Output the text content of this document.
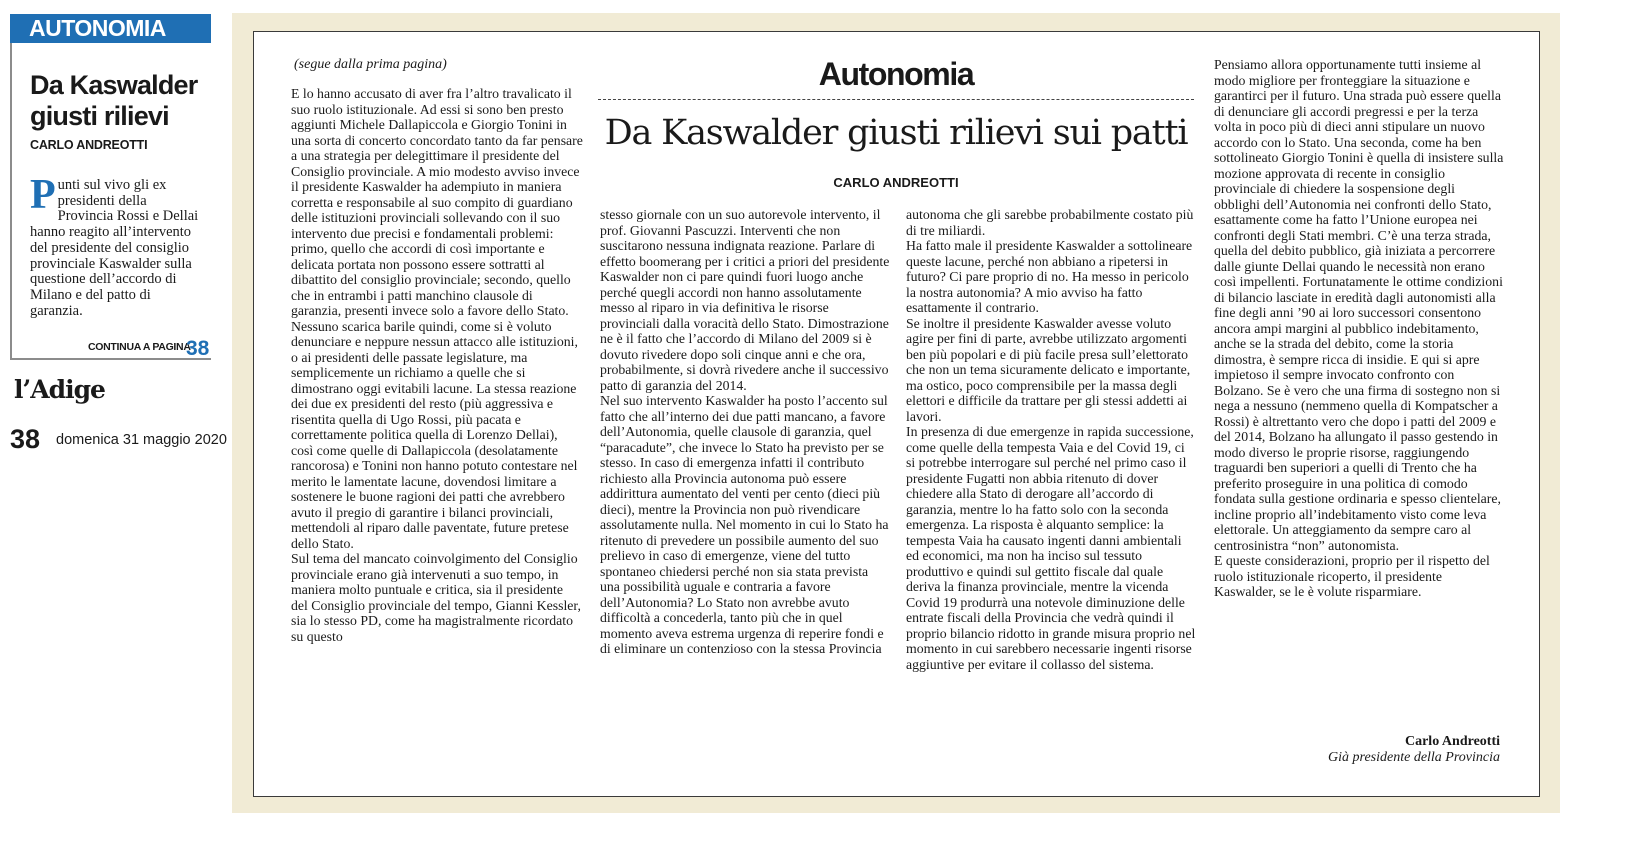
AUTONOMIA
Da Kaswalder giusti rilievi
CARLO ANDREOTTI

Punti sul vivo gli ex presidenti della Provincia Rossi e Dellai hanno reagito all’intervento del presidente del consiglio provinciale Kaswalder sulla questione dell’accordo di Milano e del patto di garanzia.

CONTINUA A PAGINA
38
l’Adige
38 domenica 31 maggio 2020
(segue dalla prima pagina)	Autonomia
Da Kaswalder giusti rilievi sui patti
CARLO ANDREOTTI

E lo hanno accusato di aver fra l’altro travalicato il suo ruolo istituzionale. Ad essi si sono ben presto aggiunti Michele Dallapiccola e Giorgio Tonini in una sorta di concerto concordato tanto da far pensare a una strategia per delegittimare il presidente del Consiglio provinciale. A mio modesto avviso invece il presidente Kaswalder ha adempiuto in maniera corretta e responsabile al suo compito di guardiano delle istituzioni provinciali sollevando con il suo intervento due precisi e fondamentali problemi: primo, quello che accordi di così importante e delicata portata non possono essere sottratti al dibattito del consiglio provinciale; secondo, quello che in entrambi i patti manchino clausole di garanzia, presenti invece solo a favore dello Stato. Nessuno scarica barile quindi, come si è voluto denunciare e neppure nessun attacco alle istituzioni, o ai presidenti delle passate legislature, ma semplicemente un richiamo a quelle che si dimostrano oggi evitabili lacune. La stessa reazione dei due ex presidenti del resto (più aggressiva e risentita quella di Ugo Rossi, più pacata e correttamente politica quella di Lorenzo Dellai), così come quelle di Dallapiccola (desolatamente rancorosa) e Tonini non hanno potuto contestare nel merito le lamentate lacune, dovendosi limitare a sostenere le buone ragioni dei patti che avrebbero avuto il pregio di garantire i bilanci provinciali, mettendoli al riparo dalle paventate, future pretese dello Stato.

Sul tema del mancato coinvolgimento del Consiglio provinciale erano già intervenuti a suo tempo, in maniera molto puntuale e critica, sia il presidente del Consiglio provinciale del tempo, Gianni Kessler, sia lo stesso PD, come ha magistralmente ricordato su questo

stesso giornale con un suo autorevole intervento, il prof. Giovanni Pascuzzi. Interventi che non suscitarono nessuna indignata reazione. Parlare di effetto boomerang per i critici a priori del presidente Kaswalder non ci pare quindi fuori luogo anche perché quegli accordi non hanno assolutamente messo al riparo in via definitiva le risorse provinciali dalla voracità dello Stato. Dimostrazione ne è il fatto che l’accordo di Milano del 2009 si è dovuto rivedere dopo soli cinque anni e che ora, probabilmente, si dovrà rivedere anche il successivo patto di garanzia del 2014.

Nel suo intervento Kaswalder ha posto l’accento sul fatto che all’interno dei due patti mancano, a favore dell’Autonomia, quelle clausole di garanzia, quel “paracadute”, che invece lo Stato ha previsto per se stesso. In caso di emergenza infatti il contributo richiesto alla Provincia autonoma può essere addirittura aumentato del venti per cento (dieci più dieci), mentre la Provincia non può rivendicare assolutamente nulla. Nel momento in cui lo Stato ha ritenuto di prevedere un possibile aumento del suo prelievo in caso di emergenze, viene del tutto spontaneo chiedersi perché non sia stata prevista una possibilità uguale e contraria a favore dell’Autonomia? Lo Stato non avrebbe avuto difficoltà a concederla, tanto più che in quel momento aveva estrema urgenza di reperire fondi e di eliminare un contenzioso con la stessa Provincia

autonoma che gli sarebbe probabilmente costato più di tre miliardi.

Ha fatto male il presidente Kaswalder a sottolineare queste lacune, perché non abbiano a ripetersi in futuro? Ci pare proprio di no. Ha messo in pericolo la nostra autonomia? A mio avviso ha fatto esattamente il contrario.

Se inoltre il presidente Kaswalder avesse voluto agire per fini di parte, avrebbe utilizzato argomenti ben più popolari e di più facile presa sull’elettorato che non un tema sicuramente delicato e importante, ma ostico, poco comprensibile per la massa degli elettori e difficile da trattare per gli stessi addetti ai lavori.

In presenza di due emergenze in rapida successione, come quelle della tempesta Vaia e del Covid 19, ci si potrebbe interrogare sul perché nel primo caso il presidente Fugatti non abbia ritenuto di dover chiedere alla Stato di derogare all’accordo di garanzia, mentre lo ha fatto solo con la seconda emergenza. La risposta è alquanto semplice: la tempesta Vaia ha causato ingenti danni ambientali ed economici, ma non ha inciso sul tessuto produttivo e quindi sul gettito fiscale dal quale deriva la finanza provinciale, mentre la vicenda Covid 19 produrrà una notevole diminuzione delle entrate fiscali della Provincia che vedrà quindi il proprio bilancio ridotto in grande misura proprio nel momento in cui sarebbero necessarie ingenti risorse aggiuntive per evitare il collasso del sistema.

Pensiamo allora opportunamente tutti insieme al modo migliore per fronteggiare la situazione e garantirci per il futuro. Una strada può essere quella di denunciare gli accordi pregressi e per la terza volta in poco più di dieci anni stipulare un nuovo accordo con lo Stato. Una seconda, come ha ben sottolineato Giorgio Tonini è quella di insistere sulla mozione approvata di recente in consiglio provinciale di chiedere la sospensione degli obblighi dell’Autonomia nei confronti dello Stato, esattamente come ha fatto l’Unione europea nei confronti degli Stati membri. C’è una terza strada, quella del debito pubblico, già iniziata a percorrere dalle giunte Dellai quando le necessità non erano così impellenti. Fortunatamente le ottime condizioni di bilancio lasciate in eredità dagli autonomisti alla fine degli anni ’90 ai loro successori consentono ancora ampi margini al pubblico indebitamento, anche se la strada del debito, come la storia dimostra, è sempre ricca di insidie. E qui si apre impietoso il sempre invocato confronto con Bolzano. Se è vero che una firma di sostegno non si nega a nessuno (nemmeno quella di Kompatscher a Rossi) è altrettanto vero che dopo i patti del 2009 e del 2014, Bolzano ha allungato il passo gestendo in modo diverso le proprie risorse, raggiungendo traguardi ben superiori a quelli di Trento che ha preferito proseguire in una politica di comodo fondata sulla gestione ordinaria e spesso clientelare, incline proprio all’indebitamento visto come leva elettorale. Un atteggiamento da sempre caro al centrosinistra “non” autonomista.

E queste considerazioni, proprio per il rispetto del ruolo istituzionale ricoperto, il presidente Kaswalder, se le è volute risparmiare.

Carlo Andreotti
Già presidente della Provincia
